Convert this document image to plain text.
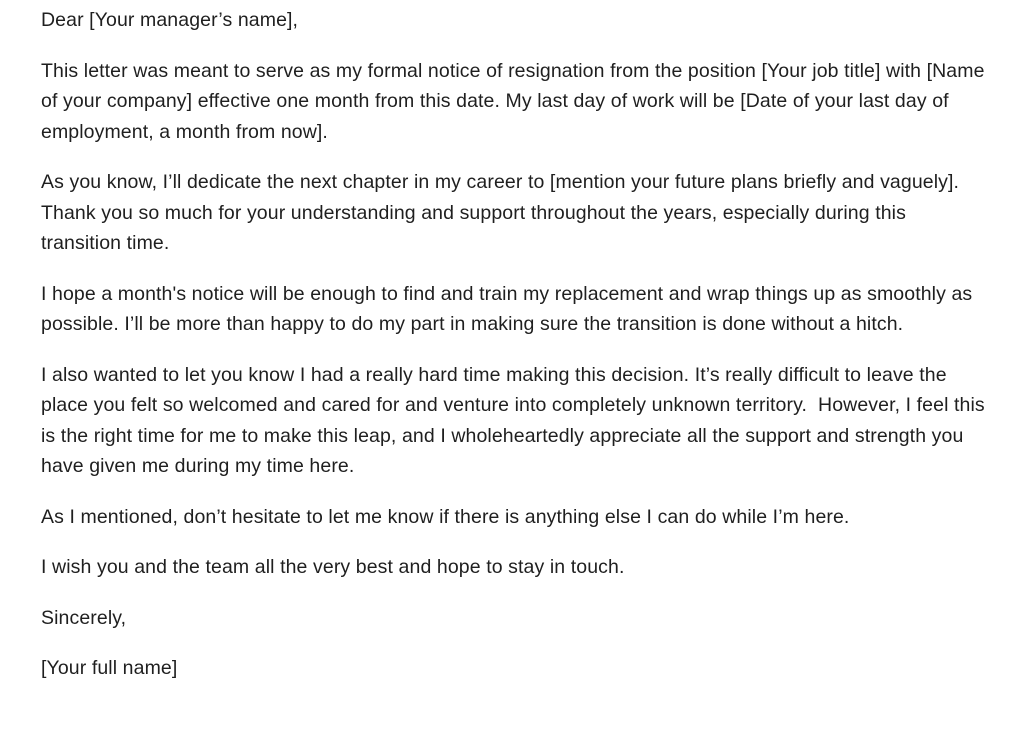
Dear [Your manager’s name],

This letter was meant to serve as my formal notice of resignation from the position [Your job title] with [Name of your company] effective one month from this date. My last day of work will be [Date of your last day of employment, a month from now].

As you know, I’ll dedicate the next chapter in my career to [mention your future plans briefly and vaguely]. Thank you so much for your understanding and support throughout the years, especially during this transition time.

I hope a month's notice will be enough to find and train my replacement and wrap things up as smoothly as possible. I’ll be more than happy to do my part in making sure the transition is done without a hitch.

I also wanted to let you know I had a really hard time making this decision. It’s really difficult to leave the place you felt so welcomed and cared for and venture into completely unknown territory.  However, I feel this is the right time for me to make this leap, and I wholeheartedly appreciate all the support and strength you have given me during my time here.

As I mentioned, don’t hesitate to let me know if there is anything else I can do while I’m here.

I wish you and the team all the very best and hope to stay in touch.

Sincerely,

[Your full name]
